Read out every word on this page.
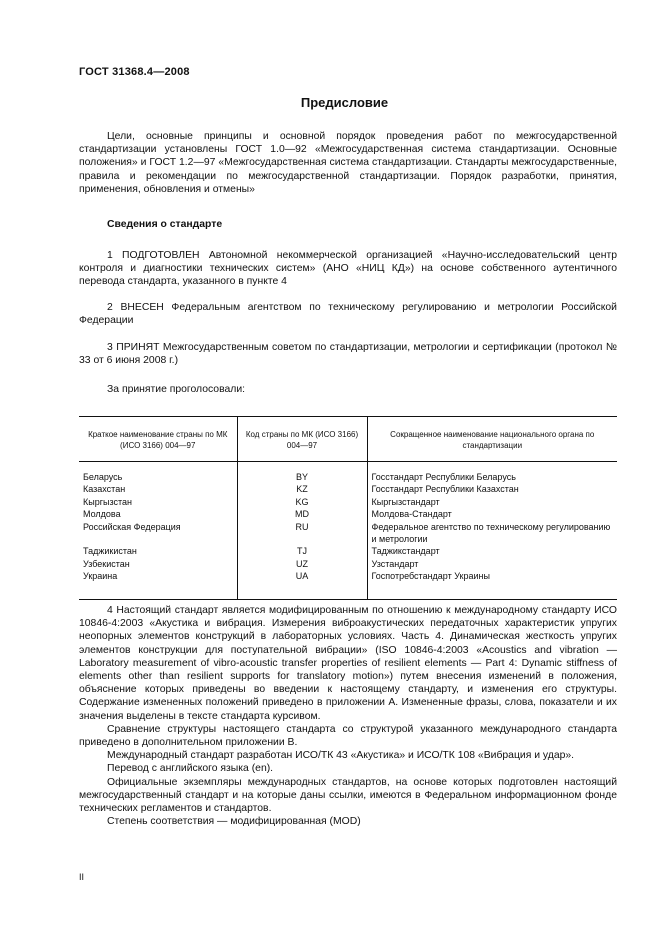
ГОСТ 31368.4—2008
Предисловие

Цели, основные принципы и основной порядок проведения работ по межгосударственной стандартизации установлены ГОСТ 1.0—92 «Межгосударственная система стандартизации. Основные положения» и ГОСТ 1.2—97 «Межгосударственная система стандартизации. Стандарты межгосударственные, правила и рекомендации по межгосударственной стандартизации. Порядок разработки, принятия, применения, обновления и отмены»

Сведения о стандарте

1 ПОДГОТОВЛЕН Автономной некоммерческой организацией «Научно-исследовательский центр контроля и диагностики технических систем» (АНО «НИЦ КД») на основе собственного аутентичного перевода стандарта, указанного в пункте 4

2 ВНЕСЕН Федеральным агентством по техническому регулированию и метрологии Российской Федерации

3 ПРИНЯТ Межгосударственным советом по стандартизации, метрологии и сертификации (протокол № 33 от 6 июня 2008 г.)

За принятие проголосовали:

Краткое наименование страны по МК (ИСО 3166) 004—97	Код страны по МК (ИСО 3166) 004—97	Сокращенное наименование национального органа по стандартизации
Беларусь	BY	Госстандарт Республики Беларусь
Казахстан	KZ	Госстандарт Республики Казахстан
Кыргызстан	KG	Кыргызстандарт
Молдова	MD	Молдова-Стандарт
Российская Федерация	RU	Федеральное агентство по техническому регулированию и метрологии
Таджикистан	TJ	Таджикстандарт
Узбекистан	UZ	Узстандарт
Украина	UA	Госпотребстандарт Украины

4 Настоящий стандарт является модифицированным по отношению к международному стандарту ИСО 10846-4:2003 «Акустика и вибрация. Измерения виброакустических передаточных характеристик упругих неопорных элементов конструкций в лабораторных условиях. Часть 4. Динамическая жесткость упругих элементов конструкции для поступательной вибрации» (ISO 10846-4:2003 «Acoustics and vibration — Laboratory measurement of vibro-acoustic transfer properties of resilient elements — Part 4: Dynamic stiffness of elements other than resilient supports for translatory motion») путем внесения изменений в положения, объяснение которых приведены во введении к настоящему стандарту, и изменения его структуры. Содержание измененных положений приведено в приложении А. Измененные фразы, слова, показатели и их значения выделены в тексте стандарта курсивом.

Сравнение структуры настоящего стандарта со структурой указанного международного стандарта приведено в дополнительном приложении В.

Международный стандарт разработан ИСО/ТК 43 «Акустика» и ИСО/ТК 108 «Вибрация и удар».

Перевод с английского языка (en).

Официальные экземпляры международных стандартов, на основе которых подготовлен настоящий межгосударственный стандарт и на которые даны ссылки, имеются в Федеральном информационном фонде технических регламентов и стандартов.

Степень соответствия — модифицированная (MOD)

II
